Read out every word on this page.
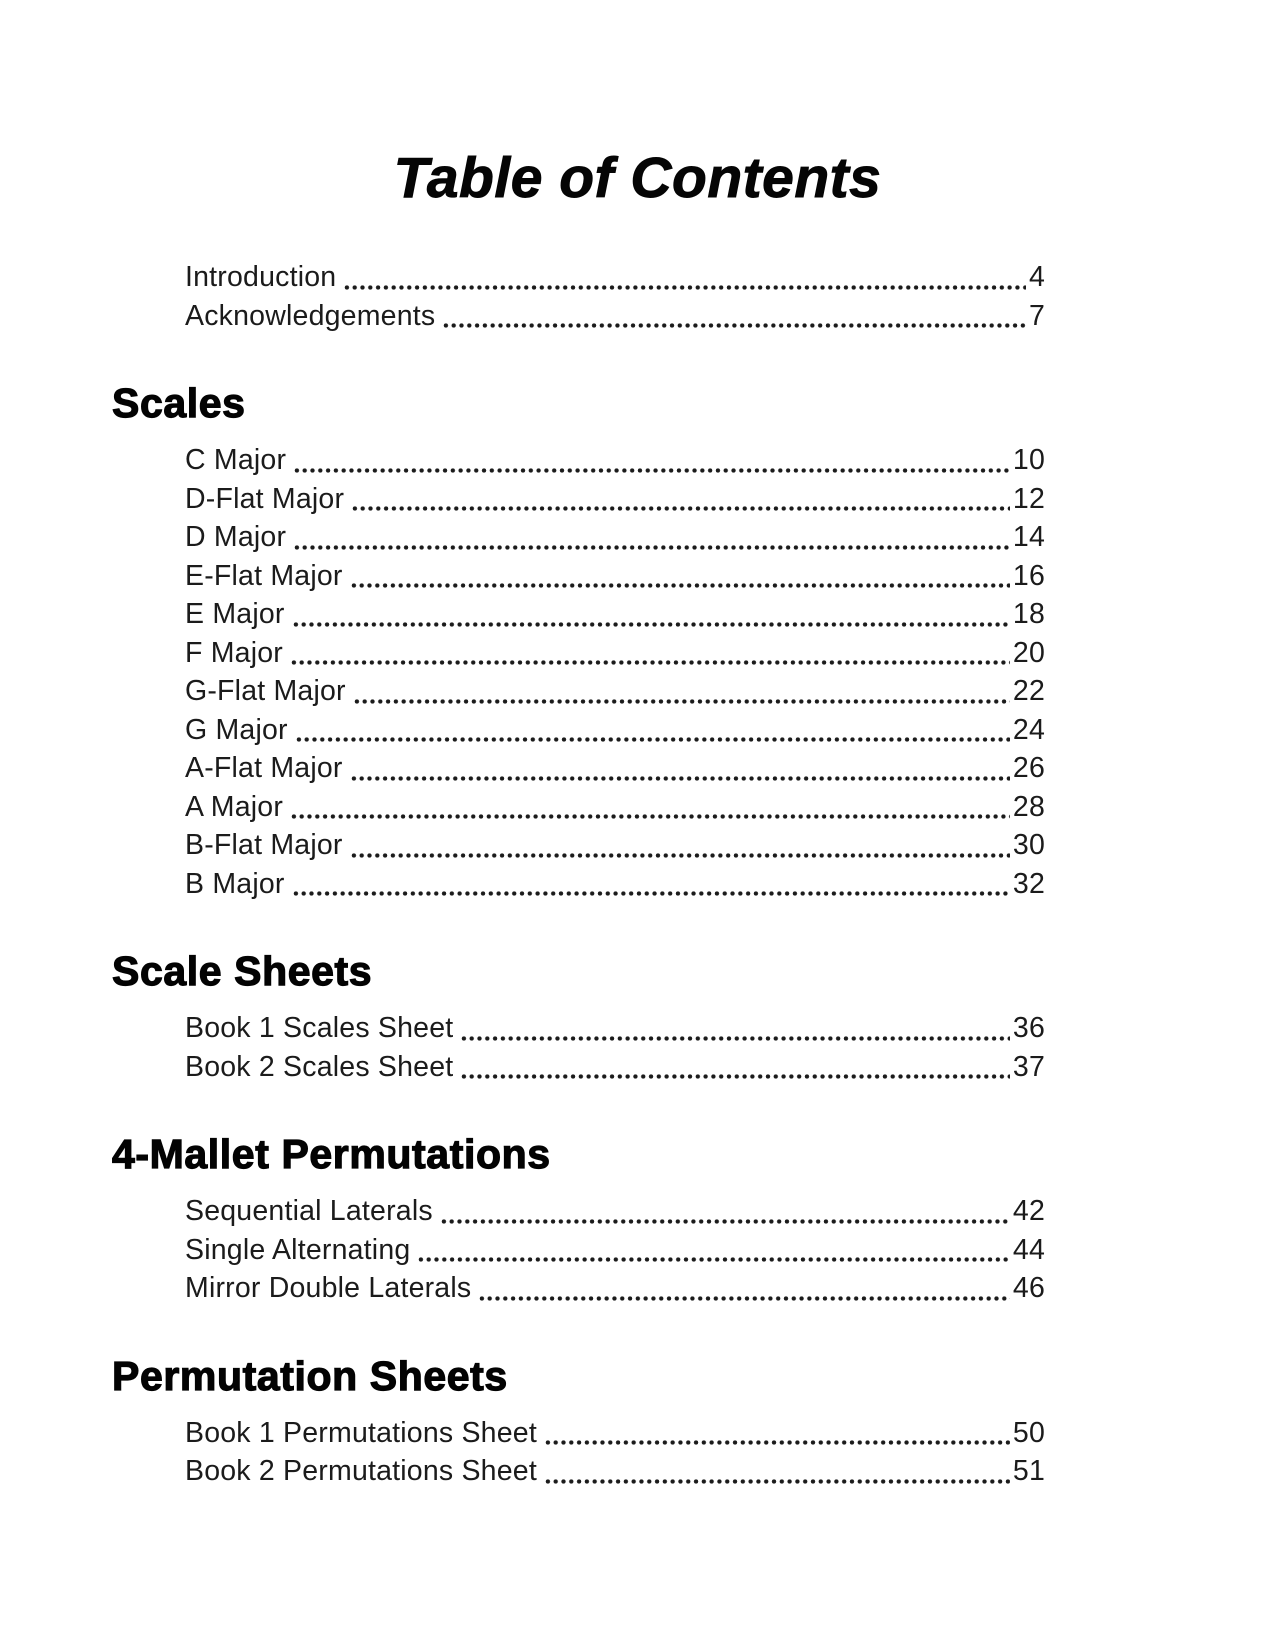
Table of Contents
Introduction	4
Acknowledgements	7
Scales
C Major	10
D-Flat Major	12
D Major	14
E-Flat Major	16
E Major	18
F Major	20
G-Flat Major	22
G Major	24
A-Flat Major	26
A Major	28
B-Flat Major	30
B Major	32
Scale Sheets
Book 1 Scales Sheet	36
Book 2 Scales Sheet	37
4-Mallet Permutations
Sequential Laterals	42
Single Alternating	44
Mirror Double Laterals	46
Permutation Sheets
Book 1 Permutations Sheet	50
Book 2 Permutations Sheet	51
